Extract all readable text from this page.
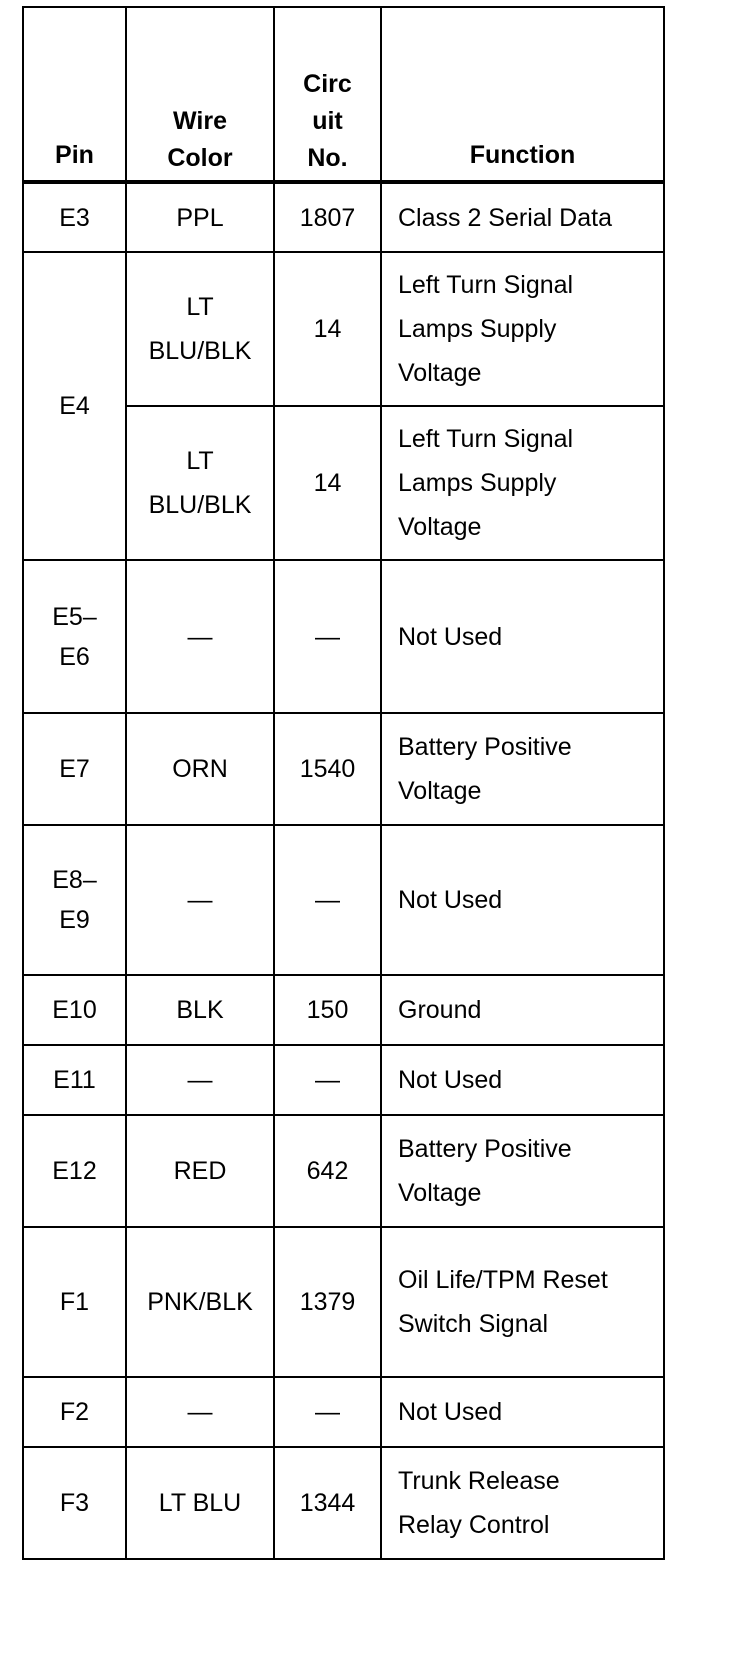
Pin	Wire Color	Circuit No.	Function

E3	PPL	1807	Class 2 Serial Data

E4	LT BLU/BLK	14	Left Turn Signal Lamps Supply Voltage

	LT BLU/BLK	14	Left Turn Signal Lamps Supply Voltage

E5–E6	—	—	Not Used

E7	ORN	1540	Battery Positive Voltage

E8–E9	—	—	Not Used

E10	BLK	150	Ground

E11	—	—	Not Used

E12	RED	642	Battery Positive Voltage

F1	PNK/BLK	1379	Oil Life/TPM Reset Switch Signal

F2	—	—	Not Used

F3	LT BLU	1344	Trunk Release Relay Control
